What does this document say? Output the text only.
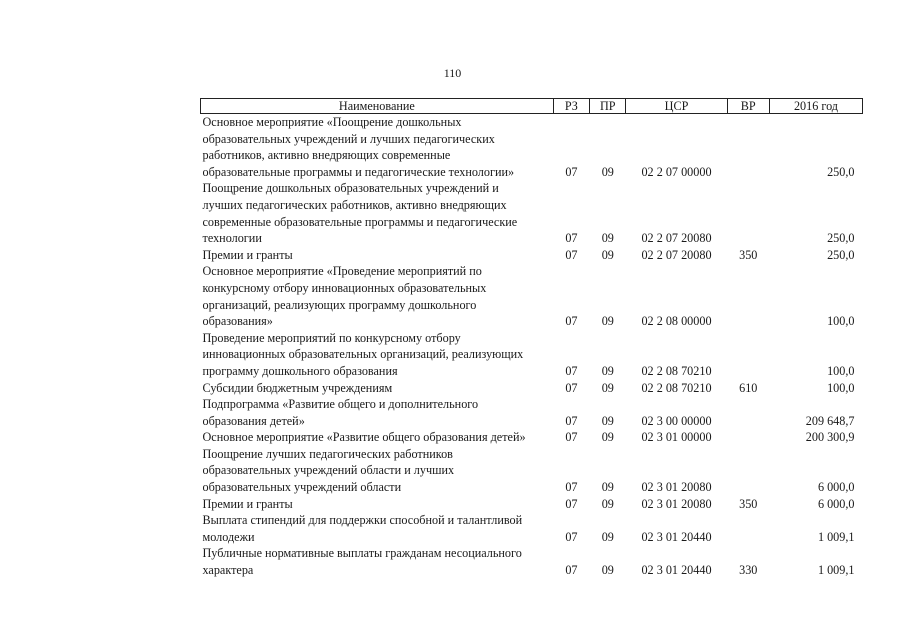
110
Наименование	РЗ	ПР	ЦСР	ВР	2016 год

Основное мероприятие «Поощрение дошкольных
образовательных учреждений и лучших педагогических
работников, активно внедряющих современные
образовательные программы и педагогические технологии»	07	09	02 2 07 00000		250,0

Поощрение дошкольных образовательных учреждений и
лучших педагогических работников, активно внедряющих
современные образовательные программы и педагогические
технологии	07	09	02 2 07 20080		250,0

Премии и гранты	07	09	02 2 07 20080	350	250,0

Основное мероприятие «Проведение мероприятий по
конкурсному отбору инновационных образовательных
организаций, реализующих программу дошкольного
образования»	07	09	02 2 08 00000		100,0

Проведение мероприятий по конкурсному отбору
инновационных образовательных организаций, реализующих
программу дошкольного образования	07	09	02 2 08 70210		100,0

Субсидии бюджетным учреждениям	07	09	02 2 08 70210	610	100,0

Подпрограмма «Развитие общего и дополнительного
образования детей»	07	09	02 3 00 00000		209 648,7

Основное мероприятие «Развитие общего образования детей»	07	09	02 3 01 00000		200 300,9

Поощрение лучших педагогических работников
образовательных учреждений области и лучших
образовательных учреждений области	07	09	02 3 01 20080		6 000,0

Премии и гранты	07	09	02 3 01 20080	350	6 000,0

Выплата стипендий для поддержки способной и талантливой
молодежи	07	09	02 3 01 20440		1 009,1

Публичные нормативные выплаты гражданам несоциального
характера	07	09	02 3 01 20440	330	1 009,1
